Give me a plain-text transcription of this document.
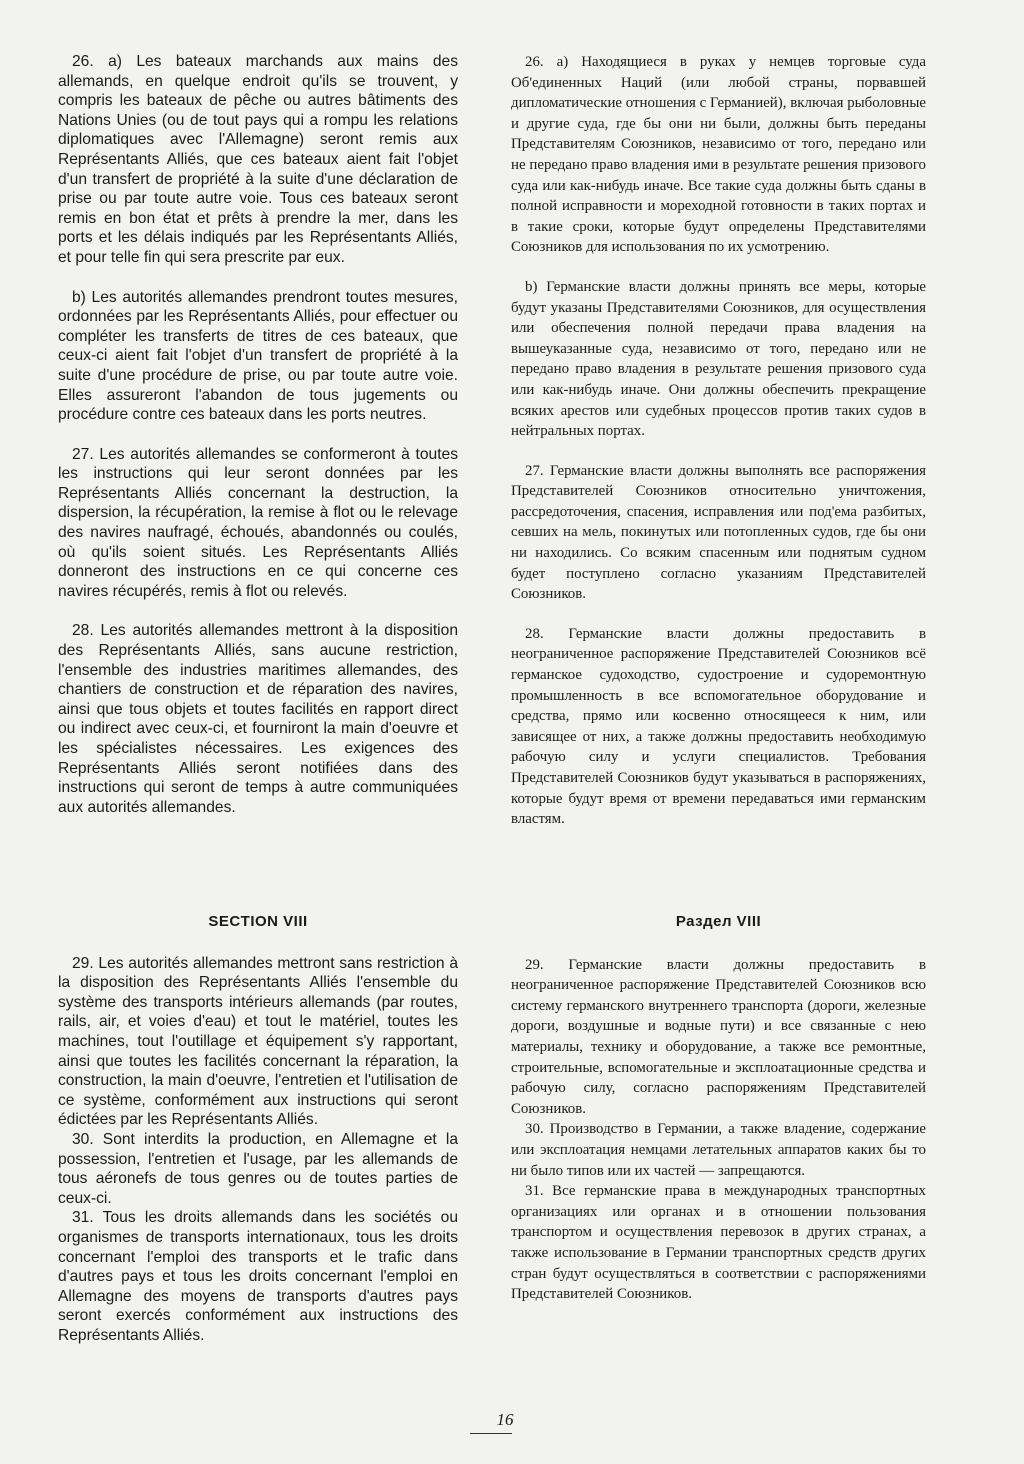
26. a) Les bateaux marchands aux mains des allemands, en quelque endroit qu'ils se trouvent, y compris les bateaux de pêche ou autres bâtiments des Nations Unies (ou de tout pays qui a rompu les relations diplomatiques avec l'Allemagne) seront remis aux Représentants Alliés, que ces bateaux aient fait l'objet d'un transfert de propriété à la suite d'une déclaration de prise ou par toute autre voie. Tous ces bateaux seront remis en bon état et prêts à prendre la mer, dans les ports et les délais indiqués par les Représentants Alliés, et pour telle fin qui sera prescrite par eux.

b) Les autorités allemandes prendront toutes mesures, ordonnées par les Représentants Alliés, pour effectuer ou compléter les transferts de titres de ces bateaux, que ceux-ci aient fait l'objet d'un transfert de propriété à la suite d'une procédure de prise, ou par toute autre voie. Elles assureront l'abandon de tous jugements ou procédure contre ces bateaux dans les ports neutres.

27. Les autorités allemandes se conformeront à toutes les instructions qui leur seront données par les Représentants Alliés concernant la destruction, la dispersion, la récupération, la remise à flot ou le relevage des navires naufragé, échoués, abandonnés ou coulés, où qu'ils soient situés. Les Représentants Alliés donneront des instructions en ce qui concerne ces navires récupérés, remis à flot ou relevés.

28. Les autorités allemandes mettront à la disposition des Représentants Alliés, sans aucune restriction, l'ensemble des industries maritimes allemandes, des chantiers de construction et de réparation des navires, ainsi que tous objets et toutes facilités en rapport direct ou indirect avec ceux-ci, et fourniront la main d'oeuvre et les spécialistes nécessaires. Les exigences des Représentants Alliés seront notifiées dans des instructions qui seront de temps à autre communiquées aux autorités allemandes.

26. а) Находящиеся в руках у немцев торговые суда Об'единенных Наций (или любой страны, порвавшей дипломатические отношения с Германией), включая рыболовные и другие суда, где бы они ни были, должны быть переданы Представителям Союзников, независимо от того, передано или не передано право владения ими в результате решения призового суда или как-нибудь иначе. Все такие суда должны быть сданы в полной исправности и мореходной готовности в таких портах и в такие сроки, которые будут определены Представителями Союзников для использования по их усмотрению.

b) Германские власти должны принять все меры, которые будут указаны Предстaвителями Союзников, для осуществления или обеспечения полной передачи права владения на вышеуказанные суда, независимо от того, передано или не передано право владения в результате решения призового суда или как-нибудь иначе. Они должны обеспечить прекращение всяких арестов или судебных процессов против таких судов в нейтральных портах.

27. Германские власти должны выполнять все распоряжения Представителей Союзников относительно уничтожения, рассредоточения, спасения, исправления или под'ема разбитых, севших на мель, покинутых или потопленных судов, где бы они ни находились. Со всяким спасенным или поднятым судном будет поступлено согласно указаниям Представителей Союзников.

28. Германские власти должны предоставить в неограниченное распоряжение Представителей Союзников всё германское судоходство, судостроение и судоремонтную промышленность в все вспомогательное оборудование и средства, прямо или косвенно относящееся к ним, или зависящее от них, а также должны предоставить необходимую рабочую силу и услуги специалистов. Требования Представителей Союзников будут указываться в распоряжениях, которые будут время от времени передаваться ими германским властям.

SECTION VIII

29. Les autorités allemandes mettront sans restriction à la disposition des Représentants Alliés l'ensemble du système des transports intérieurs allemands (par routes, rails, air, et voies d'eau) et tout le matériel, toutes les machines, tout l'outillage et équipement s'y rapportant, ainsi que toutes les facilités concernant la réparation, la construction, la main d'oeuvre, l'entretien et l'utilisation de ce système, conformément aux instructions qui seront édictées par les Représentants Alliés.

30. Sont interdits la production, en Allemagne et la possession, l'entretien et l'usage, par les allemands de tous aéronefs de tous genres ou de toutes parties de ceux-ci.

31. Tous les droits allemands dans les sociétés ou organismes de transports internationaux, tous les droits concernant l'emploi des transports et le trafic dans d'autres pays et tous les droits concernant l'emploi en Allemagne des moyens de transports d'autres pays seront exercés conformément aux instructions des Représentants Alliés.

Раздел VIII

29. Германские власти должны предоставить в неограниченное распоряжение Представителей Союзников всю систему германского внутреннего транспорта (дороги, железные дороги, воздушные и водные пути) и все связанные с нею материалы, технику и оборудование, а также все ремонтные, строительные, вспомогательные и эксплоатационные средства и рабочую силу, согласно распоряжениям Представителей Союзников.

30. Производство в Германии, а также владение, содержание или эксплоатация немцами летательных аппаратов каких бы то ни было типов или их частей — запрещаются.

31. Все германские права в международных транспортных организациях или органах и в отношении пользования транспортом и осуществления перевозок в других странах, а также использование в Германии транспортных средств других стран будут осуществляться в соответствии с распоряжениями Представителей Союзников.

16
